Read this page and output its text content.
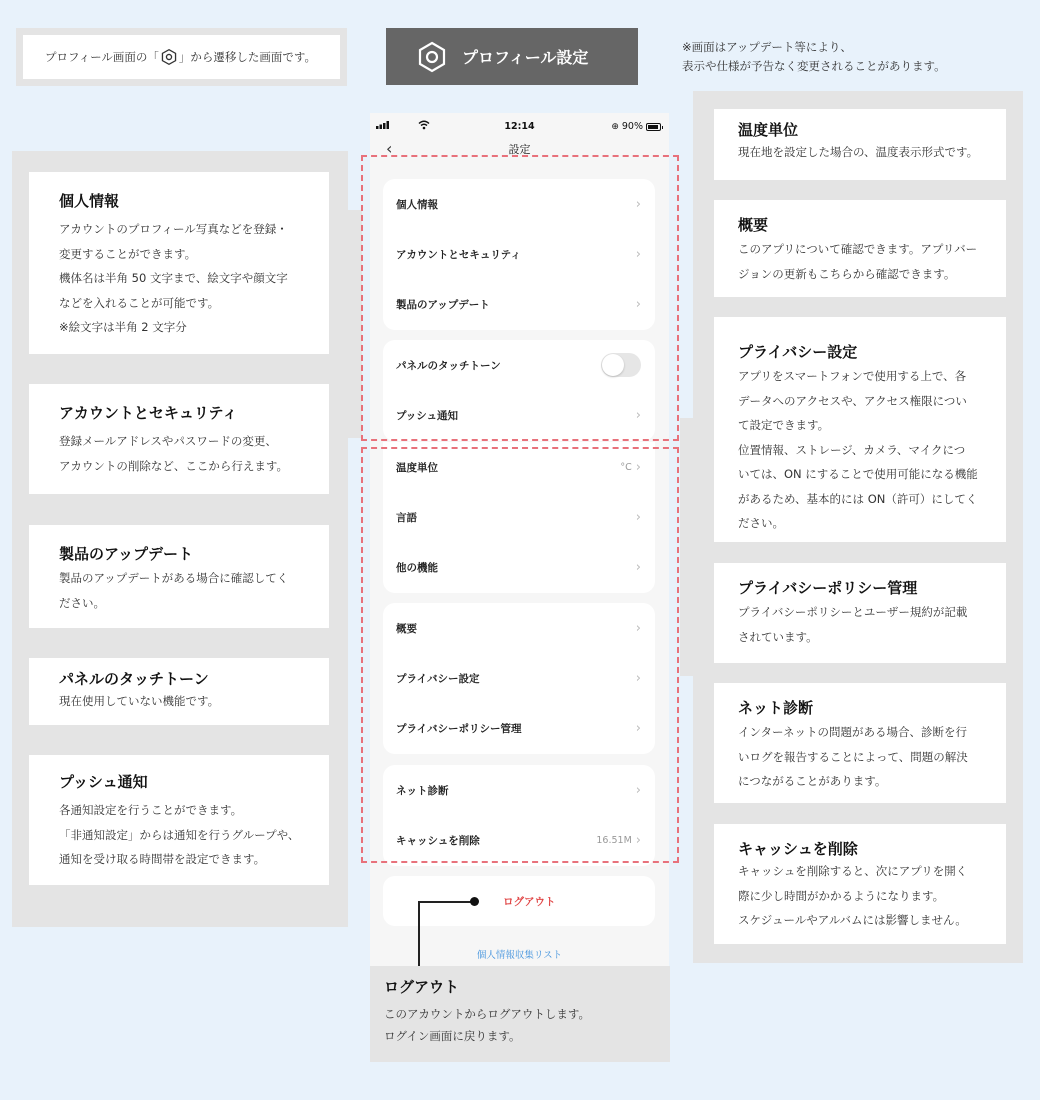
プロフィール画面の「 」から遷移した画面です。	プロフィール設定
※画面はアップデート等により、
表示や仕様が予告なく変更されることがあります。
個人情報

アカウントのプロフィール写真などを登録・

変更することができます。

機体名は半角 50 文字まで、絵文字や顔文字

などを入れることが可能です。

※絵文字は半角 2 文字分

アカウントとセキュリティ

登録メールアドレスやパスワードの変更、

アカウントの削除など、ここから行えます。

製品のアップデート

製品のアップデートがある場合に確認してく

ださい。

パネルのタッチトーン

現在使用していない機能です。

プッシュ通知

各通知設定を行うことができます。

「非通知設定」からは通知を行うグループや、

通知を受け取る時間帯を設定できます。

温度単位

現在地を設定した場合の、温度表示形式です。

概要

このアプリについて確認できます。アプリバー

ジョンの更新もこちらから確認できます。

プライバシー設定

アプリをスマートフォンで使用する上で、各

データへのアクセスや、アクセス権限につい

て設定できます。

位置情報、ストレージ、カメラ、マイクにつ

いては、ON にすることで使用可能になる機能

があるため、基本的には ON（許可）にしてく

ださい。

プライバシーポリシー管理

プライバシーポリシーとユーザー規約が記載

されています。

ネット診断

インターネットの問題がある場合、診断を行

いログを報告することによって、問題の解決

につながることがあります。

キャッシュを削除

キャッシュを削除すると、次にアプリを開く

際に少し時間がかかるようになります。

スケジュールやアルバムには影響しません。

12:14	⊕ 90%
‹	設定
個人情報	›
アカウントとセキュリティ	›
製品のアップデート	›
パネルのタッチトーン
プッシュ通知	›
温度単位	°C ›
言語	›
他の機能	›
概要	›
プライバシー設定	›
プライバシーポリシー管理	›
ネット診断	›
キャッシュを削除	16.51M ›
ログアウト
個人情報収集リスト
ログアウト

このアカウントからログアウトします。

ログイン画面に戻ります。
